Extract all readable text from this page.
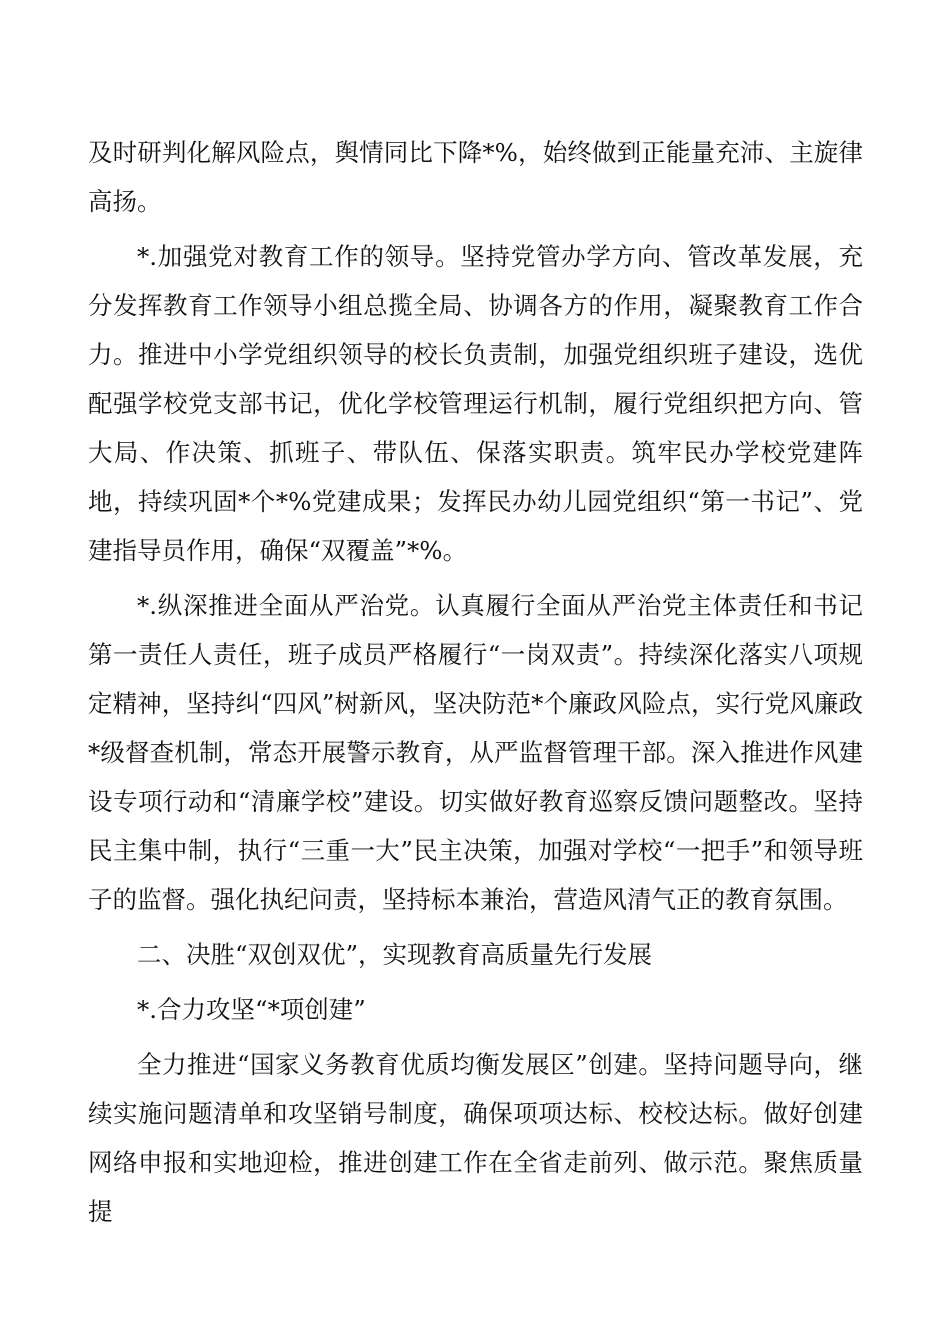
及时研判化解风险点，舆情同比下降*%，始终做到正能量充沛、主旋律高扬。

*.加强党对教育工作的领导。坚持党管办学方向、管改革发展，充分发挥教育工作领导小组总揽全局、协调各方的作用，凝聚教育工作合力。推进中小学党组织领导的校长负责制，加强党组织班子建设，选优配强学校党支部书记，优化学校管理运行机制，履行党组织把方向、管大局、作决策、抓班子、带队伍、保落实职责。筑牢民办学校党建阵地，持续巩固*个*%党建成果；发挥民办幼儿园党组织“第一书记”、党建指导员作用，确保“双覆盖”*%。

*.纵深推进全面从严治党。认真履行全面从严治党主体责任和书记第一责任人责任，班子成员严格履行“一岗双责”。持续深化落实八项规定精神，坚持纠“四风”树新风，坚决防范*个廉政风险点，实行党风廉政*级督查机制，常态开展警示教育，从严监督管理干部。深入推进作风建设专项行动和“清廉学校”建设。切实做好教育巡察反馈问题整改。坚持民主集中制，执行“三重一大”民主决策，加强对学校“一把手”和领导班子的监督。强化执纪问责，坚持标本兼治，营造风清气正的教育氛围。

二、决胜“双创双优”，实现教育高质量先行发展

*.合力攻坚“*项创建”

全力推进“国家义务教育优质均衡发展区”创建。坚持问题导向，继续实施问题清单和攻坚销号制度，确保项项达标、校校达标。做好创建网络申报和实地迎检，推进创建工作在全省走前列、做示范。聚焦质量提
